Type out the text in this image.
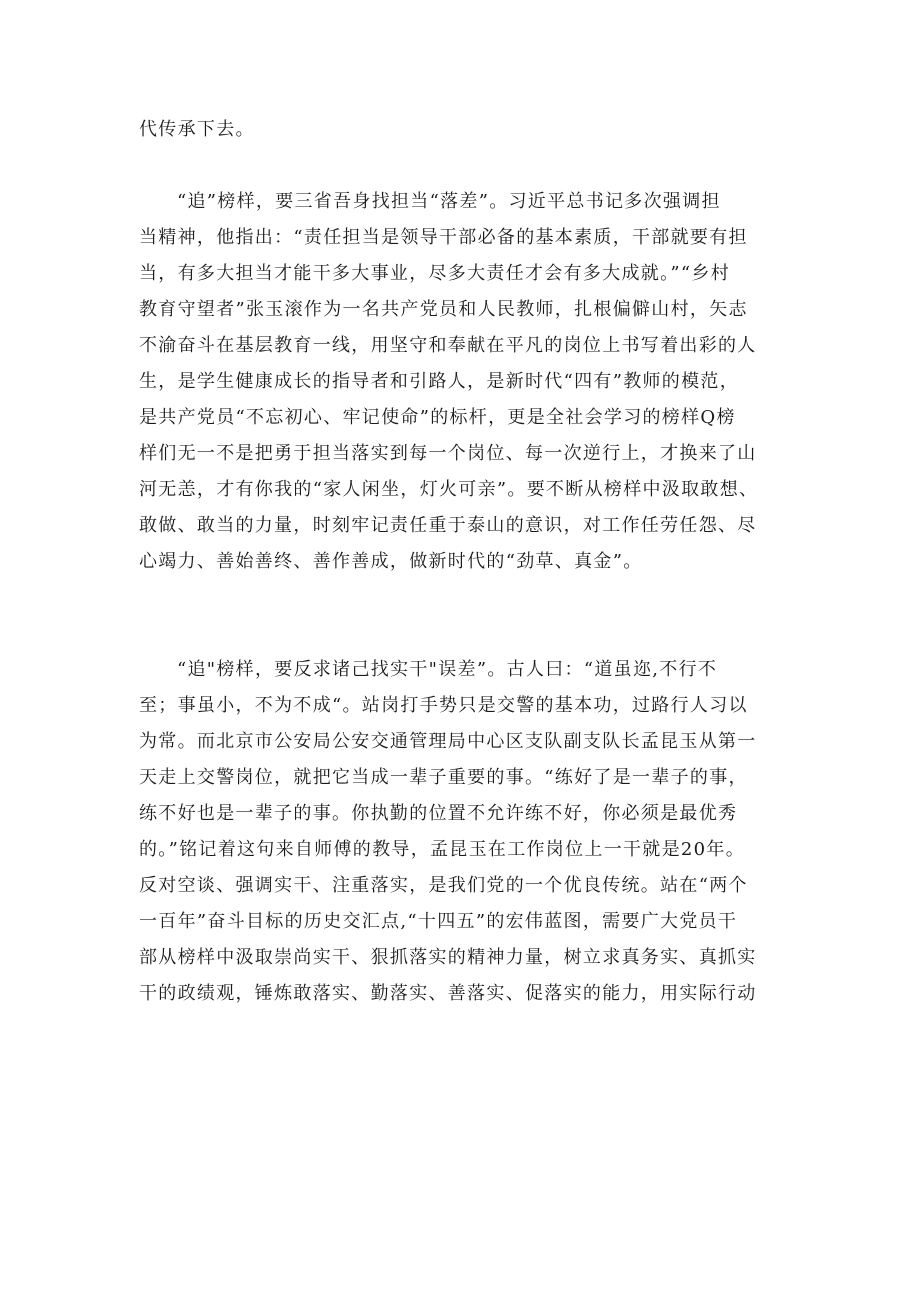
代传承下去。
“追”榜样，要三省吾身找担当“落差”。习近平总书记多次强调担
当精神，他指出：“责任担当是领导干部必备的基本素质，干部就要有担
当，有多大担当才能干多大事业，尽多大责任才会有多大成就。”“乡村
教育守望者”张玉滚作为一名共产党员和人民教师，扎根偏僻山村，矢志
不渝奋斗在基层教育一线，用坚守和奉献在平凡的岗位上书写着出彩的人
生，是学生健康成长的指导者和引路人，是新时代“四有”教师的模范，
是共产党员“不忘初心、牢记使命”的标杆，更是全社会学习的榜样Q榜
样们无一不是把勇于担当落实到每一个岗位、每一次逆行上，才换来了山
河无恙，才有你我的“家人闲坐，灯火可亲”。要不断从榜样中汲取敢想、
敢做、敢当的力量，时刻牢记责任重于泰山的意识，对工作任劳任怨、尽
心竭力、善始善终、善作善成，做新时代的“劲草、真金”。
“追"榜样，要反求诸己找实干"误差”。古人曰：“道虽迩,不行不
至；事虽小，不为不成“。站岗打手势只是交警的基本功，过路行人习以
为常。而北京市公安局公安交通管理局中心区支队副支队长孟昆玉从第一
天走上交警岗位，就把它当成一辈子重要的事。“练好了是一辈子的事，
练不好也是一辈子的事。你执勤的位置不允许练不好，你必须是最优秀
的。”铭记着这句来自师傅的教导，孟昆玉在工作岗位上一干就是20年。
反对空谈、强调实干、注重落实，是我们党的一个优良传统。站在“两个
一百年”奋斗目标的历史交汇点,“十四五”的宏伟蓝图，需要广大党员干
部从榜样中汲取崇尚实干、狠抓落实的精神力量，树立求真务实、真抓实
干的政绩观，锤炼敢落实、勤落实、善落实、促落实的能力，用实际行动
